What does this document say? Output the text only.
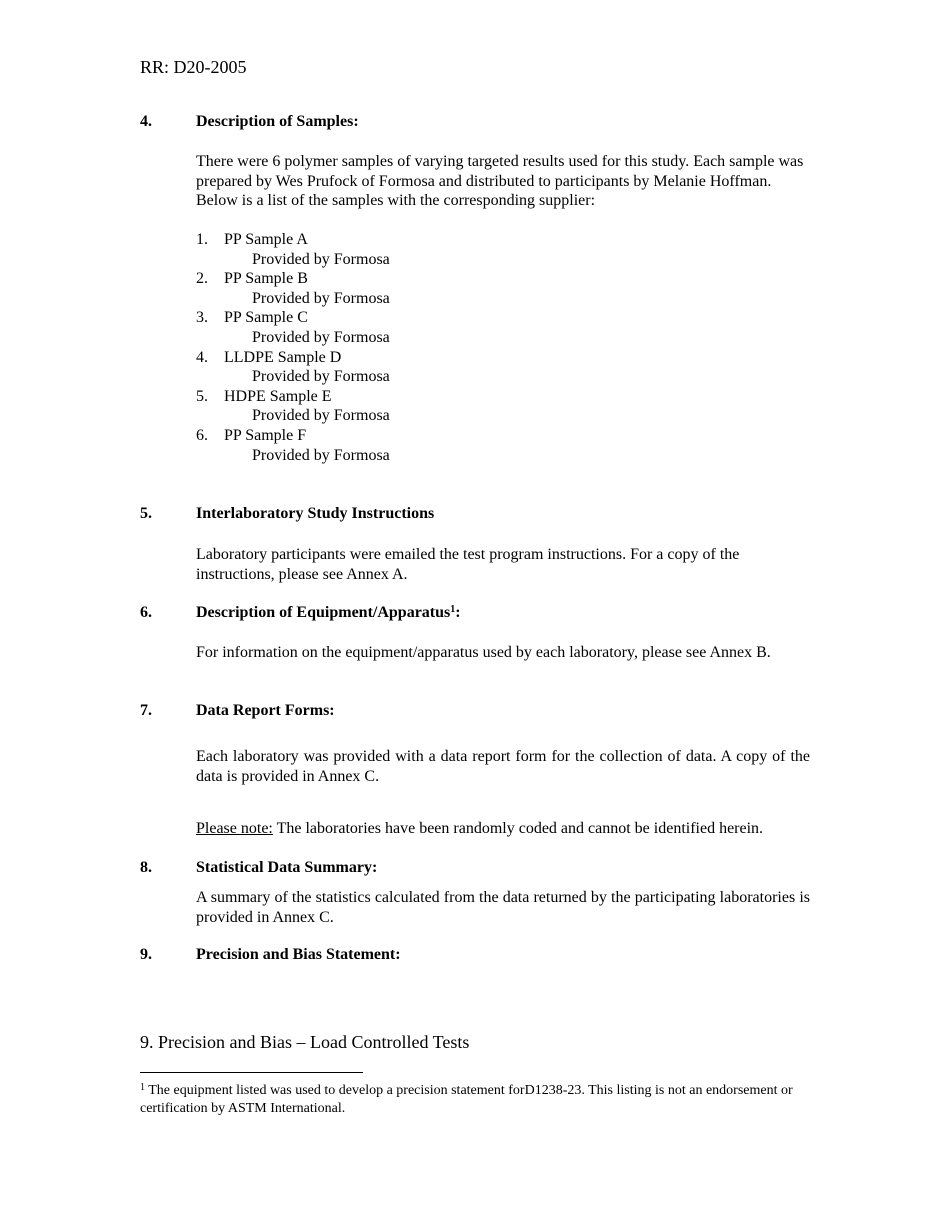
RR: D20-2005
4.	Description of Samples:
There were 6 polymer samples of varying targeted results used for this study. Each sample was prepared by Wes Prufock of Formosa and distributed to participants by Melanie Hoffman. Below is a list of the samples with the corresponding supplier:
1. PP Sample A
Provided by Formosa
2. PP Sample B
Provided by Formosa
3. PP Sample C
Provided by Formosa
4. LLDPE Sample D
Provided by Formosa
5. HDPE Sample E
Provided by Formosa
6. PP Sample F
Provided by Formosa
5.	Interlaboratory Study Instructions
Laboratory participants were emailed the test program instructions. For a copy of the instructions, please see Annex A.
6.	Description of Equipment/Apparatus$^1$:
For information on the equipment/apparatus used by each laboratory, please see Annex B.
7.	Data Report Forms:
Each laboratory was provided with a data report form for the collection of data. A copy of the data is provided in Annex C.
Please note: The laboratories have been randomly coded and cannot be identified herein.
8.	Statistical Data Summary:
A summary of the statistics calculated from the data returned by the participating laboratories is provided in Annex C.
9.	Precision and Bias Statement:
9. Precision and Bias – Load Controlled Tests
$^1$ The equipment listed was used to develop a precision statement forD1238-23. This listing is not an endorsement or certification by ASTM International.
